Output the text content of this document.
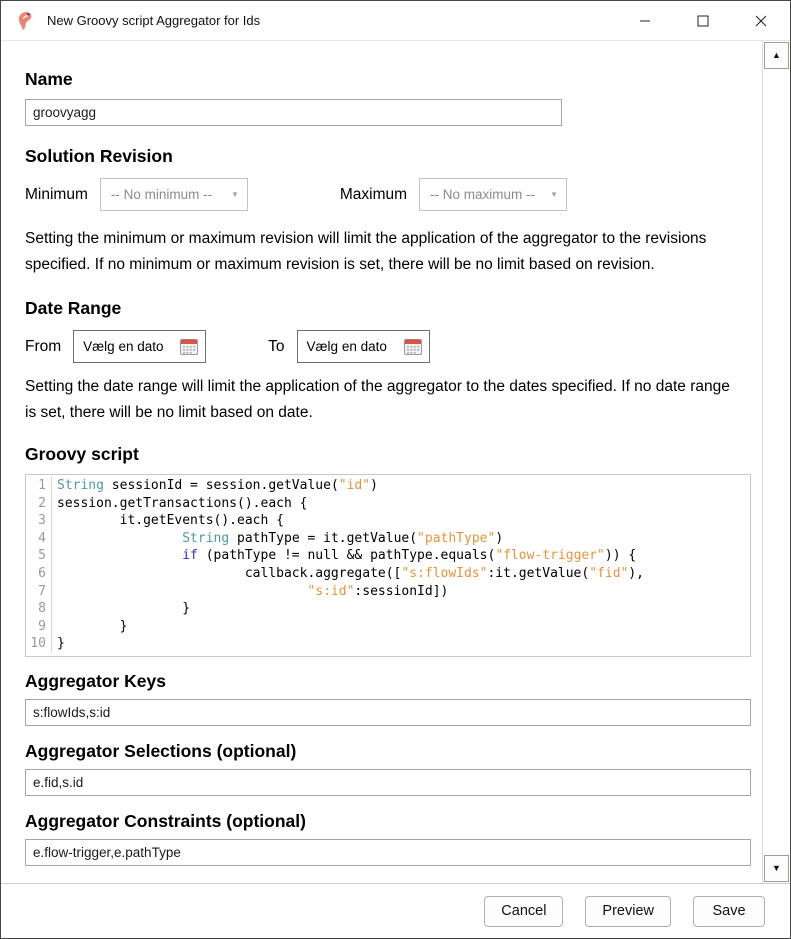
New Groovy script Aggregator for Ids
Name
groovyagg
Solution Revision
Minimum -- No minimum -- ▼	Maximum -- No maximum -- ▼

Setting the minimum or maximum revision will limit the application of the aggregator to the revisions specified. If no minimum or maximum revision is set, there will be no limit based on revision.

Date Range
From Vælg en dato	To Vælg en dato

Setting the date range will limit the application of the aggregator to the dates specified. If no date range is set, there will be no limit based on date.

Groovy script
1 String sessionId = session.getValue("id")
2 session.getTransactions().each {
3 it.getEvents().each {
4	String pathType = it.getValue("pathType")
5	if (pathType != null && pathType.equals("flow-trigger")) {
6 callback.aggregate(["s:flowIds":it.getValue("fid"),
7	"s:id":sessionId])
8 }
9 }
10 }
Aggregator Keys
s:flowIds,s:id
Aggregator Selections (optional)
e.fid,s.id
Aggregator Constraints (optional)
e.flow-trigger,e.pathType
▲
▼
Cancel	Preview	Save
